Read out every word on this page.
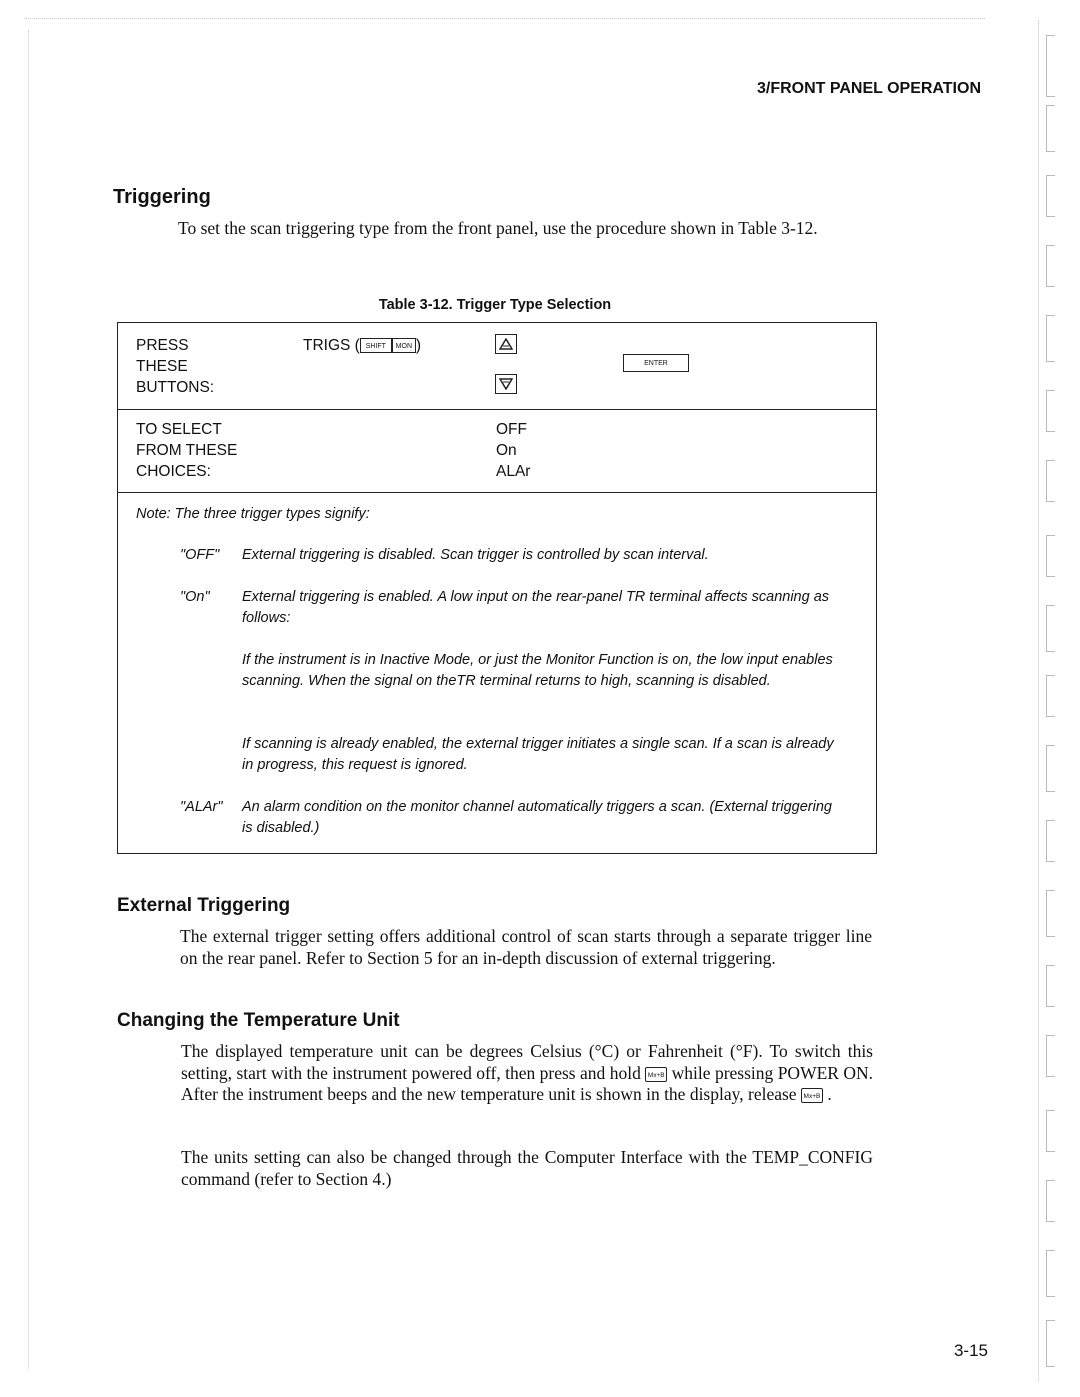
3/FRONT PANEL OPERATION
Triggering
To set the scan triggering type from the front panel, use the procedure shown in Table 3-12.
Table 3-12. Trigger Type Selection
PRESS
THESE
BUTTONS:
TRIGS ( SHIFT MON )
ENTER
TO SELECT
FROM THESE
CHOICES:
OFF
On
ALAr
Note: The three trigger types signify:
"OFF" External triggering is disabled. Scan trigger is controlled by scan interval.
"On" External triggering is enabled. A low input on the rear-panel TR terminal affects scanning as follows:
If the instrument is in Inactive Mode, or just the Monitor Function is on, the low input enables scanning. When the signal on theTR terminal returns to high, scanning is disabled.
If scanning is already enabled, the external trigger initiates a single scan. If a scan is already in progress, this request is ignored.
"ALAr" An alarm condition on the monitor channel automatically triggers a scan. (External triggering is disabled.)
External Triggering
The external trigger setting offers additional control of scan starts through a separate trigger line on the rear panel. Refer to Section 5 for an in-depth discussion of external triggering.
Changing the Temperature Unit
The displayed temperature unit can be degrees Celsius (°C) or Fahrenheit (°F). To switch this setting, start with the instrument powered off, then press and hold Mx+B while pressing POWER ON. After the instrument beeps and the new temperature unit is shown in the display, release Mx+B .
The units setting can also be changed through the Computer Interface with the TEMP_CONFIG command (refer to Section 4.)
3-15
